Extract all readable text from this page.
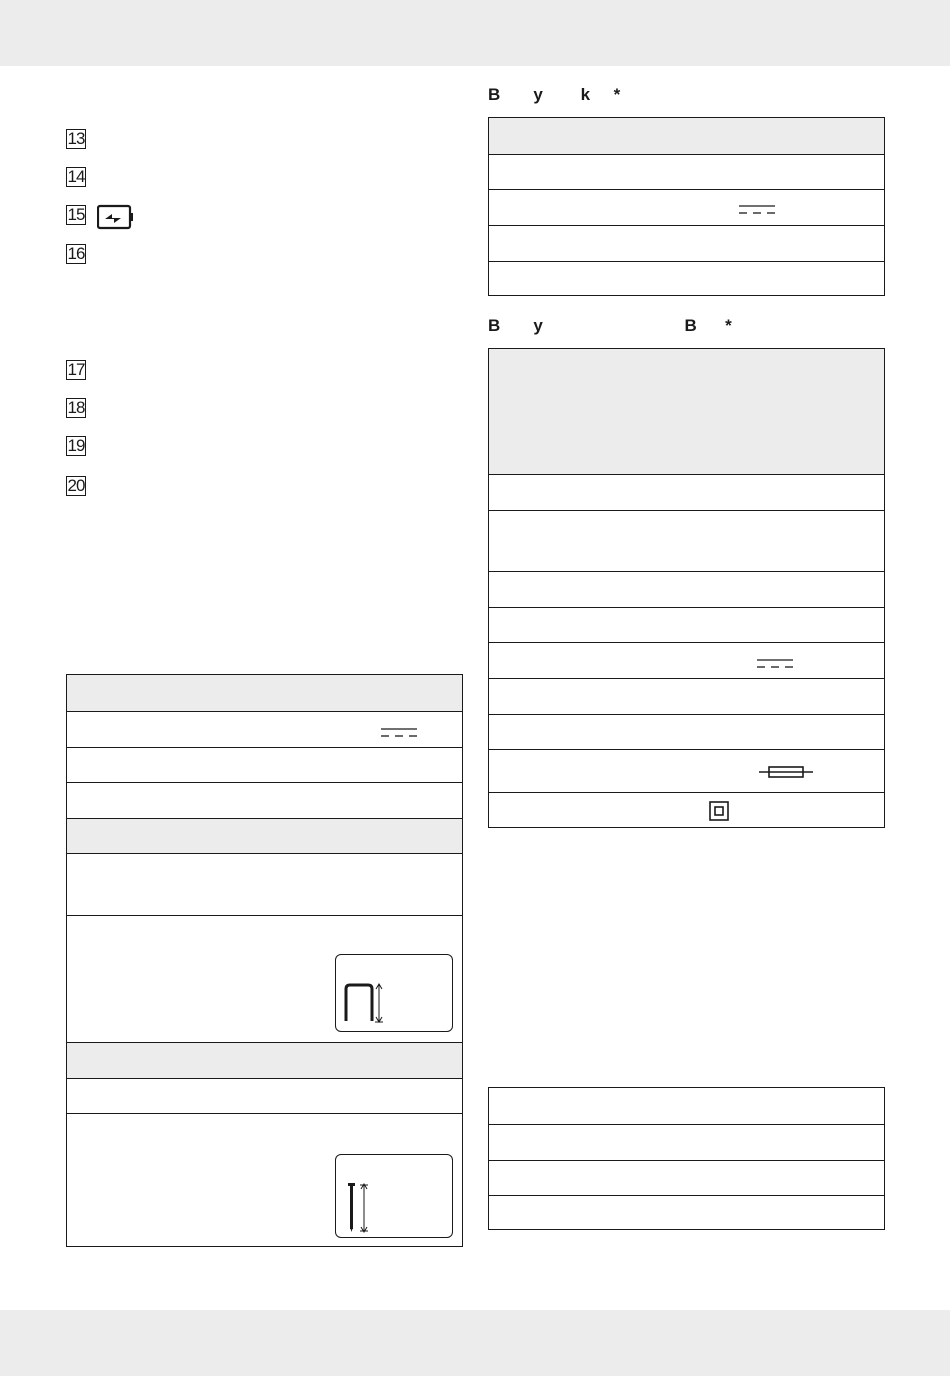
13
14
15
16
17
18
19
20
B       y        k     *
B       y                              B      *
